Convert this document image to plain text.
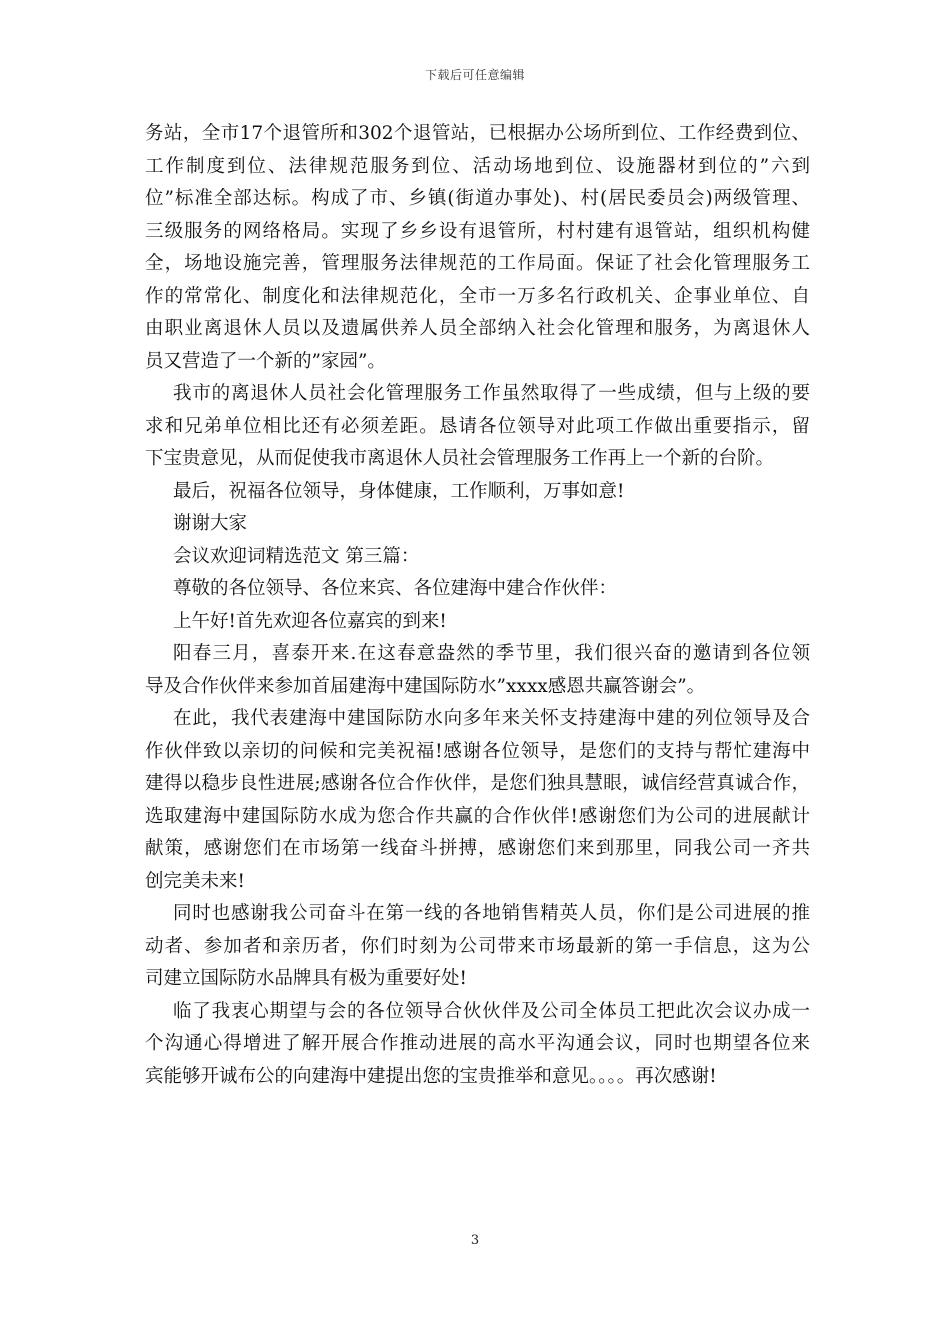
下载后可任意编辑
务站，全市17个退管所和302个退管站，已根据办公场所到位、工作经费到位、
工作制度到位、法律规范服务到位、活动场地到位、设施器材到位的”六到
位”标准全部达标。构成了市、乡镇(街道办事处)、村(居民委员会)两级管理、
三级服务的网络格局。实现了乡乡设有退管所，村村建有退管站，组织机构健
全，场地设施完善，管理服务法律规范的工作局面。保证了社会化管理服务工
作的常常化、制度化和法律规范化，全市一万多名行政机关、企事业单位、自
由职业离退休人员以及遗属供养人员全部纳入社会化管理和服务，为离退休人
员又营造了一个新的”家园”。
我市的离退休人员社会化管理服务工作虽然取得了一些成绩，但与上级的要
求和兄弟单位相比还有必须差距。恳请各位领导对此项工作做出重要指示，留
下宝贵意见，从而促使我市离退休人员社会管理服务工作再上一个新的台阶。
最后，祝福各位领导，身体健康，工作顺利，万事如意!
谢谢大家
会议欢迎词精选范文 第三篇：
尊敬的各位领导、各位来宾、各位建海中建合作伙伴：
上午好!首先欢迎各位嘉宾的到来!
阳春三月，喜泰开来.在这春意盎然的季节里，我们很兴奋的邀请到各位领
导及合作伙伴来参加首届建海中建国际防水”xxxx感恩共赢答谢会”。
在此，我代表建海中建国际防水向多年来关怀支持建海中建的列位领导及合
作伙伴致以亲切的问候和完美祝福!感谢各位领导，是您们的支持与帮忙建海中
建得以稳步良性进展;感谢各位合作伙伴，是您们独具慧眼，诚信经营真诚合作，
选取建海中建国际防水成为您合作共赢的合作伙伴!感谢您们为公司的进展献计
献策，感谢您们在市场第一线奋斗拼搏，感谢您们来到那里，同我公司一齐共
创完美未来!
同时也感谢我公司奋斗在第一线的各地销售精英人员，你们是公司进展的推
动者、参加者和亲历者，你们时刻为公司带来市场最新的第一手信息，这为公
司建立国际防水品牌具有极为重要好处!
临了我衷心期望与会的各位领导合伙伙伴及公司全体员工把此次会议办成一
个沟通心得增进了解开展合作推动进展的高水平沟通会议，同时也期望各位来
宾能够开诚布公的向建海中建提出您的宝贵推举和意见。。。。再次感谢!
3
